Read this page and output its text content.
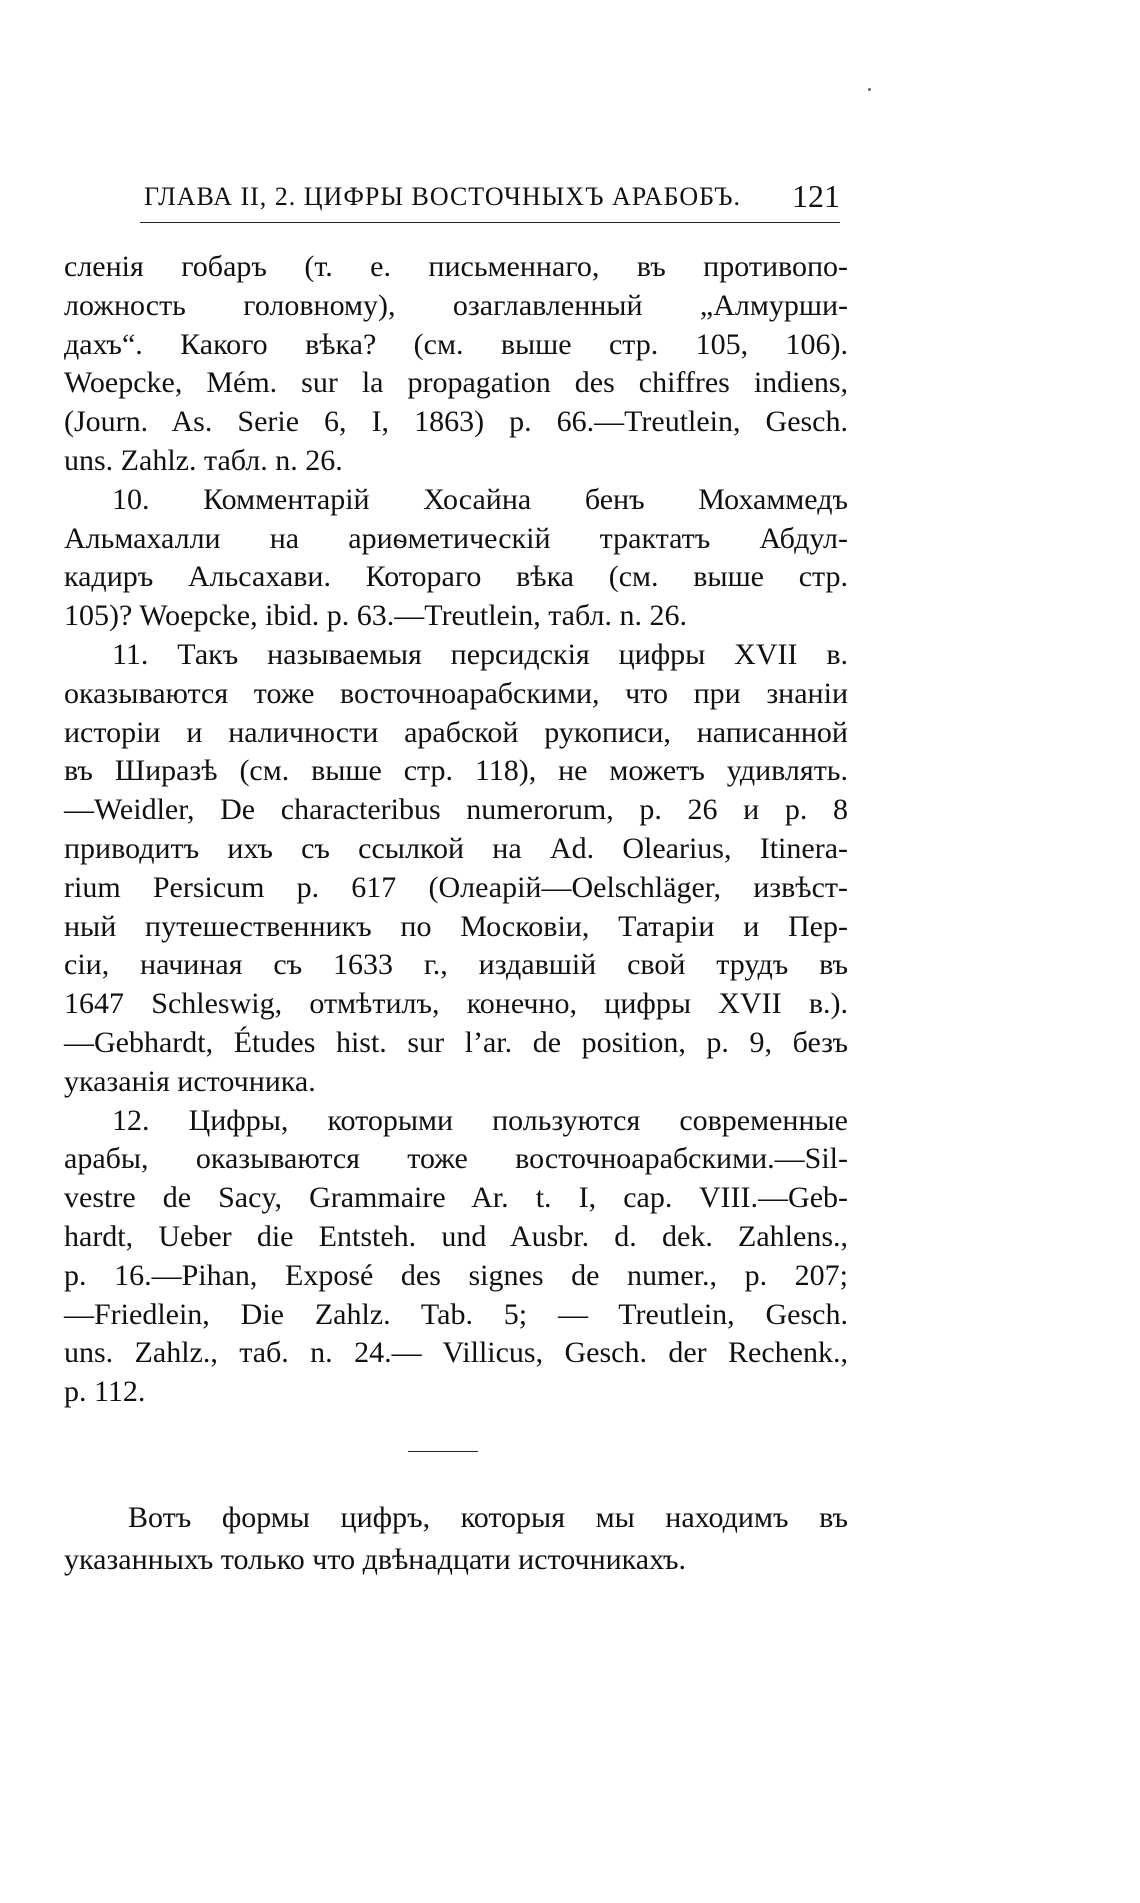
ГЛАВА II, 2. ЦИФРЫ ВОСТОЧНЫХЪ АРАБОБЪ. 121
сленія гобаръ (т. е. письменнаго, въ противопо-
ложность головному), озаглавленный „Алмурши-
дахъ“. Какого вѣка? (см. выше стр. 105, 106).
Woepcke, Mém. sur la propagation des chiffres indiens,
(Journ. As. Serie 6, I, 1863) p. 66.—Treutlein, Gesch.
uns. Zahlz. табл. n. 26.
10. Комментарій Хосайна бенъ Мохаммедъ
Альмахалли на ариѳметическій трактатъ Абдул-
кадиръ Альсахави. Котораго вѣка (см. выше стр.
105)? Woepcke, ibid. p. 63.—Treutlein, табл. n. 26.
11. Такъ называемыя персидскія цифры XVII в.
оказываются тоже восточноарабскими, что при знаніи
исторіи и наличности арабской рукописи, написанной
въ Ширазѣ (см. выше стр. 118), не можетъ удивлять.
—Weidler, De characteribus numerorum, p. 26 и p. 8
приводитъ ихъ съ ссылкой на Ad. Olearius, Itinera-
rium Persicum p. 617 (Олеарій—Oelschläger, извѣст-
ный путешественникъ по Московіи, Татаріи и Пер-
сіи, начиная съ 1633 г., издавшій свой трудъ въ
1647 Schleswig, отмѣтилъ, конечно, цифры XVII в.).
—Gebhardt, Études hist. sur l’ar. de position, p. 9, безъ
указанія источника.
12. Цифры, которыми пользуются современные
арабы, оказываются тоже восточноарабскими.—Sil-
vestre de Sacy, Grammaire Ar. t. I, cap. VIII.—Geb-
hardt, Ueber die Entsteh. und Ausbr. d. dek. Zahlens.,
p. 16.—Pihan, Exposé des signes de numer., p. 207;
—Friedlein, Die Zahlz. Tab. 5; — Treutlein, Gesch.
uns. Zahlz., таб. n. 24.— Villicus, Gesch. der Rechenk.,
p. 112.
Вотъ формы цифръ, которыя мы находимъ въ
указанныхъ только что двѣнадцати источникахъ.
